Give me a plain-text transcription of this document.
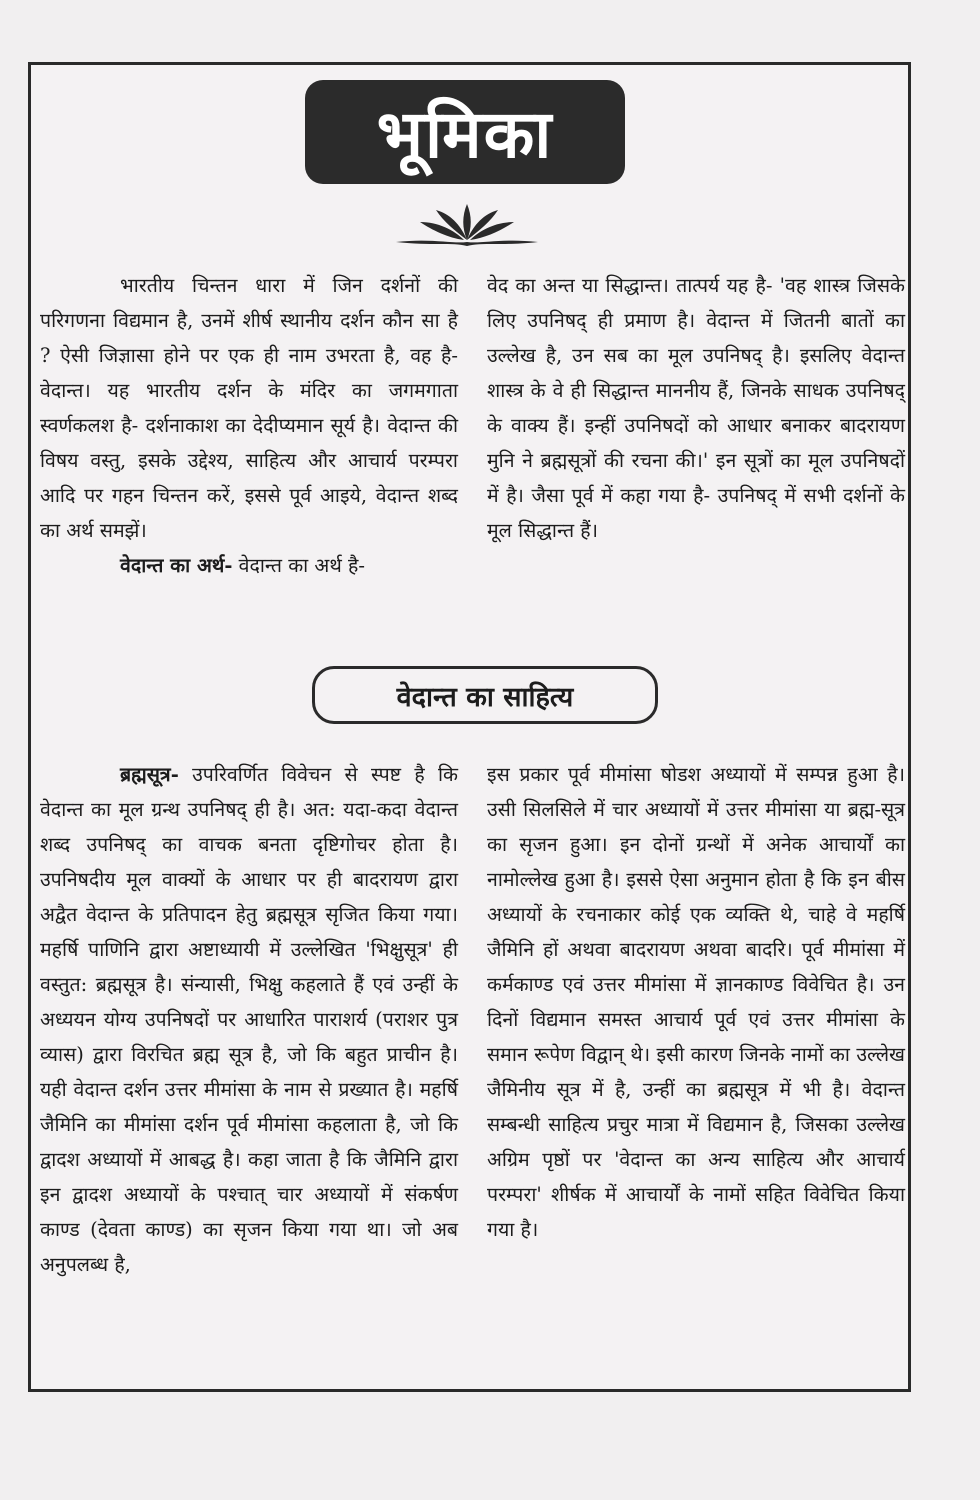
भूमिका

भारतीय चिन्तन धारा में जिन दर्शनों की परिगणना विद्यमान है, उनमें शीर्ष स्थानीय दर्शन कौन सा है ? ऐसी जिज्ञासा होने पर एक ही नाम उभरता है, वह है-वेदान्त। यह भारतीय दर्शन के मंदिर का जगमगाता स्वर्णकलश है- दर्शनाकाश का देदीप्यमान सूर्य है। वेदान्त की विषय वस्तु, इसके उद्देश्य, साहित्य और आचार्य परम्परा आदि पर गहन चिन्तन करें, इससे पूर्व आइये, वेदान्त शब्द का अर्थ समझें।

वेदान्त का अर्थ- वेदान्त का अर्थ है-

वेद का अन्त या सिद्धान्त। तात्पर्य यह है- 'वह शास्त्र जिसके लिए उपनिषद् ही प्रमाण है। वेदान्त में जितनी बातों का उल्लेख है, उन सब का मूल उपनिषद् है। इसलिए वेदान्त शास्त्र के वे ही सिद्धान्त माननीय हैं, जिनके साधक उपनिषद् के वाक्य हैं। इन्हीं उपनिषदों को आधार बनाकर बादरायण मुनि ने ब्रह्मसूत्रों की रचना की।' इन सूत्रों का मूल उपनिषदों में है। जैसा पूर्व में कहा गया है- उपनिषद् में सभी दर्शनों के मूल सिद्धान्त हैं।

वेदान्त का साहित्य

ब्रह्मसूत्र- उपरिवर्णित विवेचन से स्पष्ट है कि वेदान्त का मूल ग्रन्थ उपनिषद् ही है। अत: यदा-कदा वेदान्त शब्द उपनिषद् का वाचक बनता दृष्टिगोचर होता है। उपनिषदीय मूल वाक्यों के आधार पर ही बादरायण द्वारा अद्वैत वेदान्त के प्रतिपादन हेतु ब्रह्मसूत्र सृजित किया गया। महर्षि पाणिनि द्वारा अष्टाध्यायी में उल्लेखित 'भिक्षुसूत्र' ही वस्तुत: ब्रह्मसूत्र है। संन्यासी, भिक्षु कहलाते हैं एवं उन्हीं के अध्ययन योग्य उपनिषदों पर आधारित पाराशर्य (पराशर पुत्र व्यास) द्वारा विरचित ब्रह्म सूत्र है, जो कि बहुत प्राचीन है। यही वेदान्त दर्शन उत्तर मीमांसा के नाम से प्रख्यात है। महर्षि जैमिनि का मीमांसा दर्शन पूर्व मीमांसा कहलाता है, जो कि द्वादश अध्यायों में आबद्ध है। कहा जाता है कि जैमिनि द्वारा इन द्वादश अध्यायों के पश्चात् चार अध्यायों में संकर्षण काण्ड (देवता काण्ड) का सृजन किया गया था। जो अब अनुपलब्ध है,

इस प्रकार पूर्व मीमांसा षोडश अध्यायों में सम्पन्न हुआ है। उसी सिलसिले में चार अध्यायों में उत्तर मीमांसा या ब्रह्म-सूत्र का सृजन हुआ। इन दोनों ग्रन्थों में अनेक आचार्यों का नामोल्लेख हुआ है। इससे ऐसा अनुमान होता है कि इन बीस अध्यायों के रचनाकार कोई एक व्यक्ति थे, चाहे वे महर्षि जैमिनि हों अथवा बादरायण अथवा बादरि। पूर्व मीमांसा में कर्मकाण्ड एवं उत्तर मीमांसा में ज्ञानकाण्ड विवेचित है। उन दिनों विद्यमान समस्त आचार्य पूर्व एवं उत्तर मीमांसा के समान रूपेण विद्वान् थे। इसी कारण जिनके नामों का उल्लेख जैमिनीय सूत्र में है, उन्हीं का ब्रह्मसूत्र में भी है। वेदान्त सम्बन्धी साहित्य प्रचुर मात्रा में विद्यमान है, जिसका उल्लेख अग्रिम पृष्ठों पर 'वेदान्त का अन्य साहित्य और आचार्य परम्परा' शीर्षक में आचार्यों के नामों सहित विवेचित किया गया है।
